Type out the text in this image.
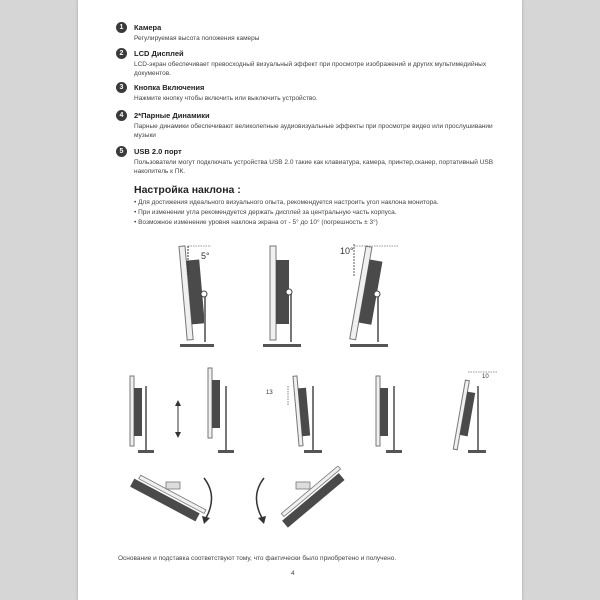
1	Камера
Регулируемая высота положения камеры
2	LCD Дисплей
LCD-экран обеспечивает превосходный визуальный эффект при просмотре изображений и других мультимедийных документов.
3	Кнопка Включения
Нажмите кнопку чтобы включить или выключить устройство.
4	2*Парные Динамики
Парные динамики обеспечивают великолепные аудиовизуальные эффекты при просмотре видео или прослушивании музыки
5	USB 2.0 порт
Пользователи могут подключать устройства USB 2.0 такие как клавиатура, камера, принтер,сканер, портативный USB накопитель к ПК.
Настройка наклона :
• Для достижения идеального визуального опыта, рекомендуется настроить угол наклона монитора.
• При изменении угла рекомендуется держать дисплей за центральную часть корпуса.
• Возможное изменение уровня наклона экрана от - 5° до 10° (погрешность ± 3°)
5°	10°
13
10
Основание и подставка соответствуют тому, что фактически было приобретено и получено.
4
